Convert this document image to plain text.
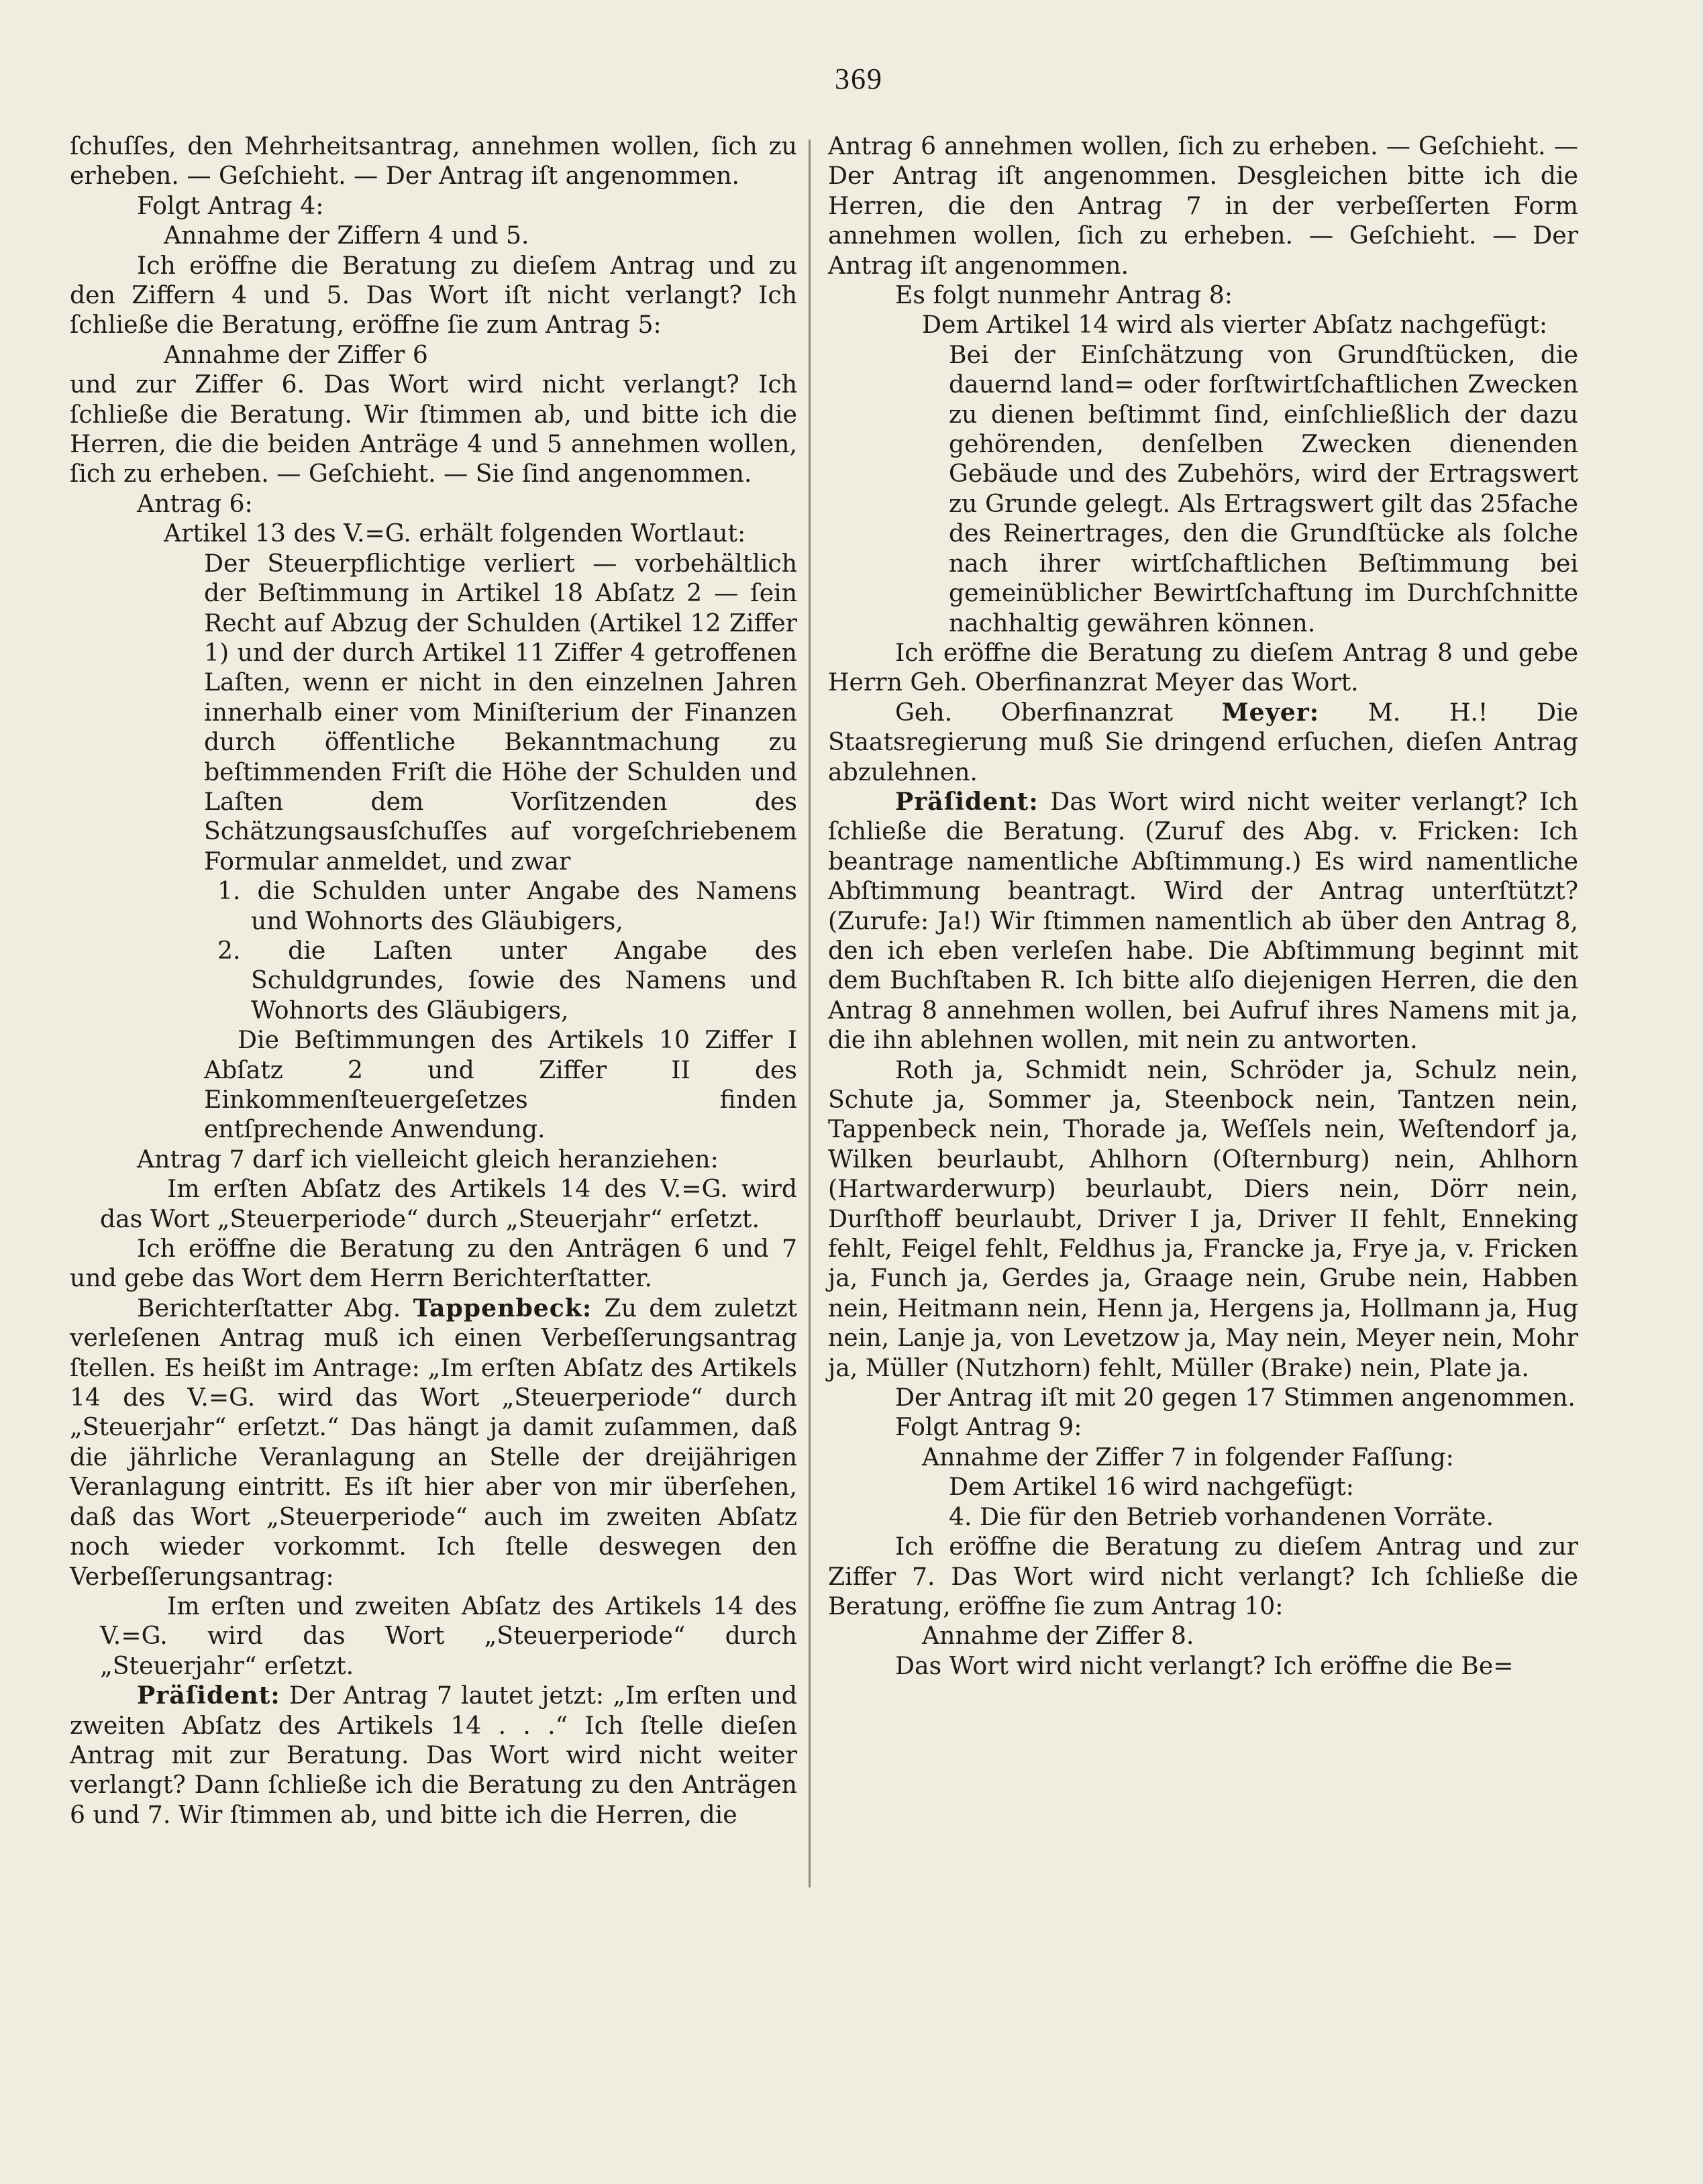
369

ſchuſſes, den Mehrheitsantrag, annehmen wollen, ſich zu erheben. — Geſchieht. — Der Antrag iſt angenommen.

Folgt Antrag 4:

Annahme der Ziffern 4 und 5.

Ich eröffne die Beratung zu dieſem Antrag und zu den Ziffern 4 und 5. Das Wort iſt nicht verlangt? Ich ſchließe die Beratung, eröffne ſie zum Antrag 5:

Annahme der Ziffer 6

und zur Ziffer 6. Das Wort wird nicht verlangt? Ich ſchließe die Beratung. Wir ſtimmen ab, und bitte ich die Herren, die die beiden Anträge 4 und 5 annehmen wollen, ſich zu erheben. — Geſchieht. — Sie ſind angenommen.

Antrag 6:

Artikel 13 des V.=G. erhält folgenden Wortlaut:

Der Steuerpflichtige verliert — vorbehältlich der Beſtimmung in Artikel 18 Abſatz 2 — ſein Recht auf Abzug der Schulden (Artikel 12 Ziffer 1) und der durch Artikel 11 Ziffer 4 getroffenen Laſten, wenn er nicht in den einzelnen Jahren innerhalb einer vom Miniſterium der Finanzen durch öffentliche Bekanntmachung zu beſtimmenden Friſt die Höhe der Schulden und Laſten dem Vorſitzenden des Schätzungsausſchuſſes auf vorgeſchriebenem Formular anmeldet, und zwar

1. die Schulden unter Angabe des Namens und Wohnorts des Gläubigers,

2. die Laſten unter Angabe des Schuldgrundes, ſowie des Namens und Wohnorts des Gläubigers,

Die Beſtimmungen des Artikels 10 Ziffer I Abſatz 2 und Ziffer II des Einkommenſteuergeſetzes finden entſprechende Anwendung.

Antrag 7 darf ich vielleicht gleich heranziehen:

Im erſten Abſatz des Artikels 14 des V.=G. wird das Wort „Steuerperiode“ durch „Steuerjahr“ erſetzt.

Ich eröffne die Beratung zu den Anträgen 6 und 7 und gebe das Wort dem Herrn Berichterſtatter.

Berichterſtatter Abg. Tappenbeck: Zu dem zuletzt verleſenen Antrag muß ich einen Verbeſſerungsantrag ſtellen. Es heißt im Antrage: „Im erſten Abſatz des Artikels 14 des V.=G. wird das Wort „Steuerperiode“ durch „Steuerjahr“ erſetzt.“ Das hängt ja damit zuſammen, daß die jährliche Veranlagung an Stelle der dreijährigen Veranlagung eintritt. Es iſt hier aber von mir überſehen, daß das Wort „Steuerperiode“ auch im zweiten Abſatz noch wieder vorkommt. Ich ſtelle deswegen den Verbeſſerungsantrag:

Im erſten und zweiten Abſatz des Artikels 14 des V.=G. wird das Wort „Steuerperiode“ durch „Steuerjahr“ erſetzt.

Präſident: Der Antrag 7 lautet jetzt: „Im erſten und zweiten Abſatz des Artikels 14 . . .“ Ich ſtelle dieſen Antrag mit zur Beratung. Das Wort wird nicht weiter verlangt? Dann ſchließe ich die Beratung zu den Anträgen 6 und 7. Wir ſtimmen ab, und bitte ich die Herren, die

Antrag 6 annehmen wollen, ſich zu erheben. — Geſchieht. — Der Antrag iſt angenommen. Desgleichen bitte ich die Herren, die den Antrag 7 in der verbeſſerten Form annehmen wollen, ſich zu erheben. — Geſchieht. — Der Antrag iſt angenommen.

Es folgt nunmehr Antrag 8:

Dem Artikel 14 wird als vierter Abſatz nachgefügt:

Bei der Einſchätzung von Grundſtücken, die dauernd land= oder forſtwirtſchaftlichen Zwecken zu dienen beſtimmt ſind, einſchließlich der dazu gehörenden, denſelben Zwecken dienenden Gebäude und des Zubehörs, wird der Ertragswert zu Grunde gelegt. Als Ertragswert gilt das 25fache des Reinertrages, den die Grundſtücke als ſolche nach ihrer wirtſchaftlichen Beſtimmung bei gemeinüblicher Bewirtſchaftung im Durchſchnitte nachhaltig gewähren können.

Ich eröffne die Beratung zu dieſem Antrag 8 und gebe Herrn Geh. Oberfinanzrat Meyer das Wort.

Geh. Oberfinanzrat Meyer: M. H.! Die Staatsregierung muß Sie dringend erſuchen, dieſen Antrag abzulehnen.

Präſident: Das Wort wird nicht weiter verlangt? Ich ſchließe die Beratung. (Zuruf des Abg. v. Fricken: Ich beantrage namentliche Abſtimmung.) Es wird namentliche Abſtimmung beantragt. Wird der Antrag unterſtützt? (Zurufe: Ja!) Wir ſtimmen namentlich ab über den Antrag 8, den ich eben verleſen habe. Die Abſtimmung beginnt mit dem Buchſtaben R. Ich bitte alſo diejenigen Herren, die den Antrag 8 annehmen wollen, bei Aufruf ihres Namens mit ja, die ihn ablehnen wollen, mit nein zu antworten.

Roth ja, Schmidt nein, Schröder ja, Schulz nein, Schute ja, Sommer ja, Steenbock nein, Tantzen nein, Tappenbeck nein, Thorade ja, Weſſels nein, Weſtendorf ja, Wilken beurlaubt, Ahlhorn (Oſternburg) nein, Ahlhorn (Hartwarderwurp) beurlaubt, Diers nein, Dörr nein, Durſthoff beurlaubt, Driver I ja, Driver II fehlt, Enneking fehlt, Feigel fehlt, Feldhus ja, Francke ja, Frye ja, v. Fricken ja, Funch ja, Gerdes ja, Graage nein, Grube nein, Habben nein, Heitmann nein, Henn ja, Hergens ja, Hollmann ja, Hug nein, Lanje ja, von Levetzow ja, May nein, Meyer nein, Mohr ja, Müller (Nutzhorn) fehlt, Müller (Brake) nein, Plate ja.

Der Antrag iſt mit 20 gegen 17 Stimmen angenommen.

Folgt Antrag 9:

Annahme der Ziffer 7 in folgender Faſſung:

Dem Artikel 16 wird nachgefügt:

4. Die für den Betrieb vorhandenen Vorräte.

Ich eröffne die Beratung zu dieſem Antrag und zur Ziffer 7. Das Wort wird nicht verlangt? Ich ſchließe die Beratung, eröffne ſie zum Antrag 10:

Annahme der Ziffer 8.

Das Wort wird nicht verlangt? Ich eröffne die Be=
